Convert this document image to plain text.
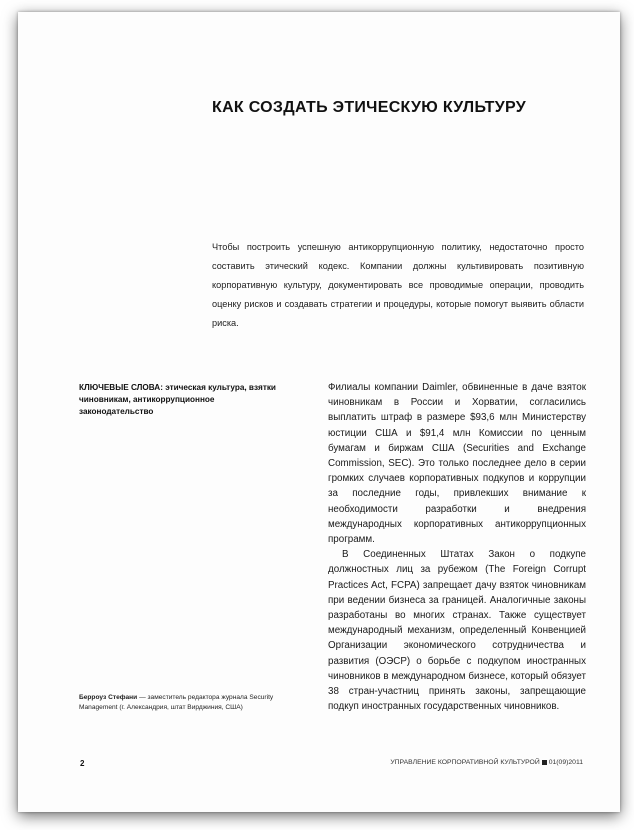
КАК СОЗДАТЬ ЭТИЧЕСКУЮ КУЛЬТУРУ

Чтобы построить успешную антикоррупционную политику, недостаточно просто составить этический кодекс. Компании должны культивировать позитивную корпоративную культуру, документировать все проводимые операции, проводить оценку рисков и создавать стратегии и процедуры, которые помогут выявить области риска.

КЛЮЧЕВЫЕ СЛОВА: этическая культура, взятки чиновникам, антикоррупционное законодательство

Берроуз Стефани — заместитель редактора журнала Security Management (г. Александрия, штат Вирджиния, США)

Филиалы компании Daimler, обвиненные в даче взяток чиновникам в России и Хорватии, согласились выплатить штраф в размере $93,6 млн Министерству юстиции США и $91,4 млн Комиссии по ценным бумагам и биржам США (Securities and Exchange Commission, SEC). Это только последнее дело в серии громких случаев корпоративных подкупов и коррупции за последние годы, привлекших внимание к необходимости разработки и внедрения международных корпоративных антикоррупционных программ.

В Соединенных Штатах Закон о подкупе должностных лиц за рубежом (The Foreign Corrupt Practices Act, FCPA) запрещает дачу взяток чиновникам при ведении бизнеса за границей. Аналогичные законы разработаны во многих странах. Также существует международный механизм, определенный Конвенцией Организации экономического сотрудничества и развития (ОЭСР) о борьбе с подкупом иностранных чиновников в международном бизнесе, который обязует 38 стран-участниц принять законы, запрещающие подкуп иностранных государственных чиновников.

2	УПРАВЛЕНИЕ КОРПОРАТИВНОЙ КУЛЬТУРОЙ 01(09)2011
